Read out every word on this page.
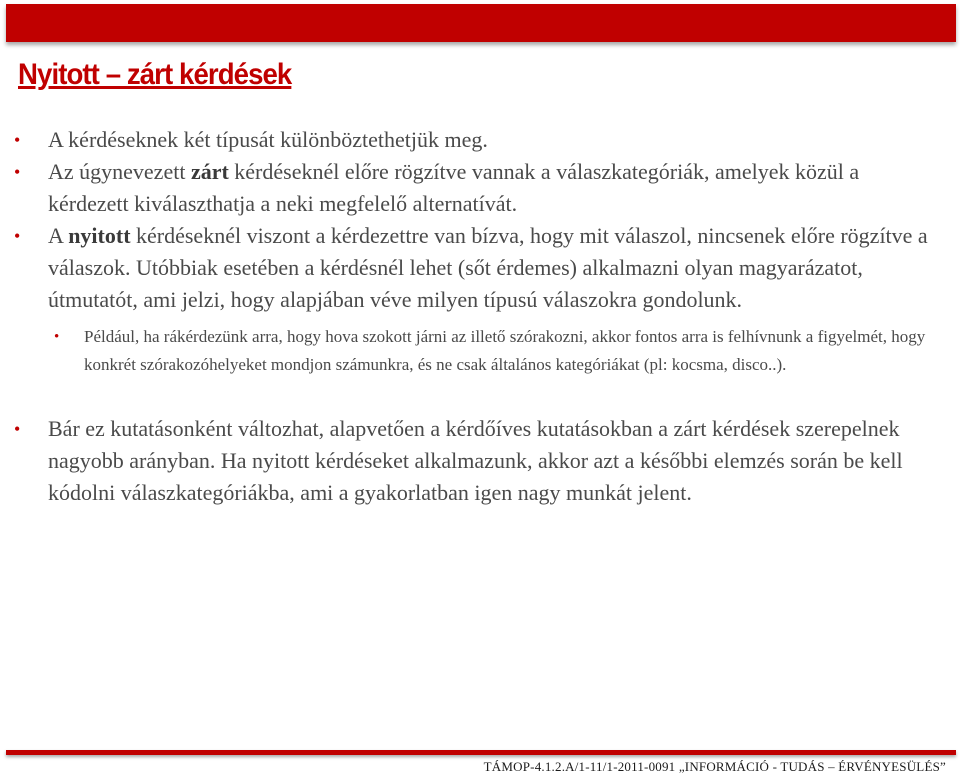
Nyitott – zárt kérdések
• A kérdéseknek két típusát különböztethetjük meg.
• Az úgynevezett zárt kérdéseknél előre rögzítve vannak a válaszkategóriák, amelyek közül a kérdezett kiválaszthatja a neki megfelelő alternatívát.
• A nyitott kérdéseknél viszont a kérdezettre van bízva, hogy mit válaszol, nincsenek előre rögzítve a válaszok. Utóbbiak esetében a kérdésnél lehet (sőt érdemes) alkalmazni olyan magyarázatot, útmutatót, ami jelzi, hogy alapjában véve milyen típusú válaszokra gondolunk.
• Például, ha rákérdezünk arra, hogy hova szokott járni az illető szórakozni, akkor fontos arra is felhívnunk a figyelmét, hogy konkrét szórakozóhelyeket mondjon számunkra, és ne csak általános kategóriákat (pl: kocsma, disco..).
• Bár ez kutatásonként változhat, alapvetően a kérdőíves kutatásokban a zárt kérdések szerepelnek nagyobb arányban. Ha nyitott kérdéseket alkalmazunk, akkor azt a későbbi elemzés során be kell kódolni válaszkategóriákba, ami a gyakorlatban igen nagy munkát jelent.
TÁMOP-4.1.2.A/1-11/1-2011-0091 „INFORMÁCIÓ - TUDÁS – ÉRVÉNYESÜLÉS”
